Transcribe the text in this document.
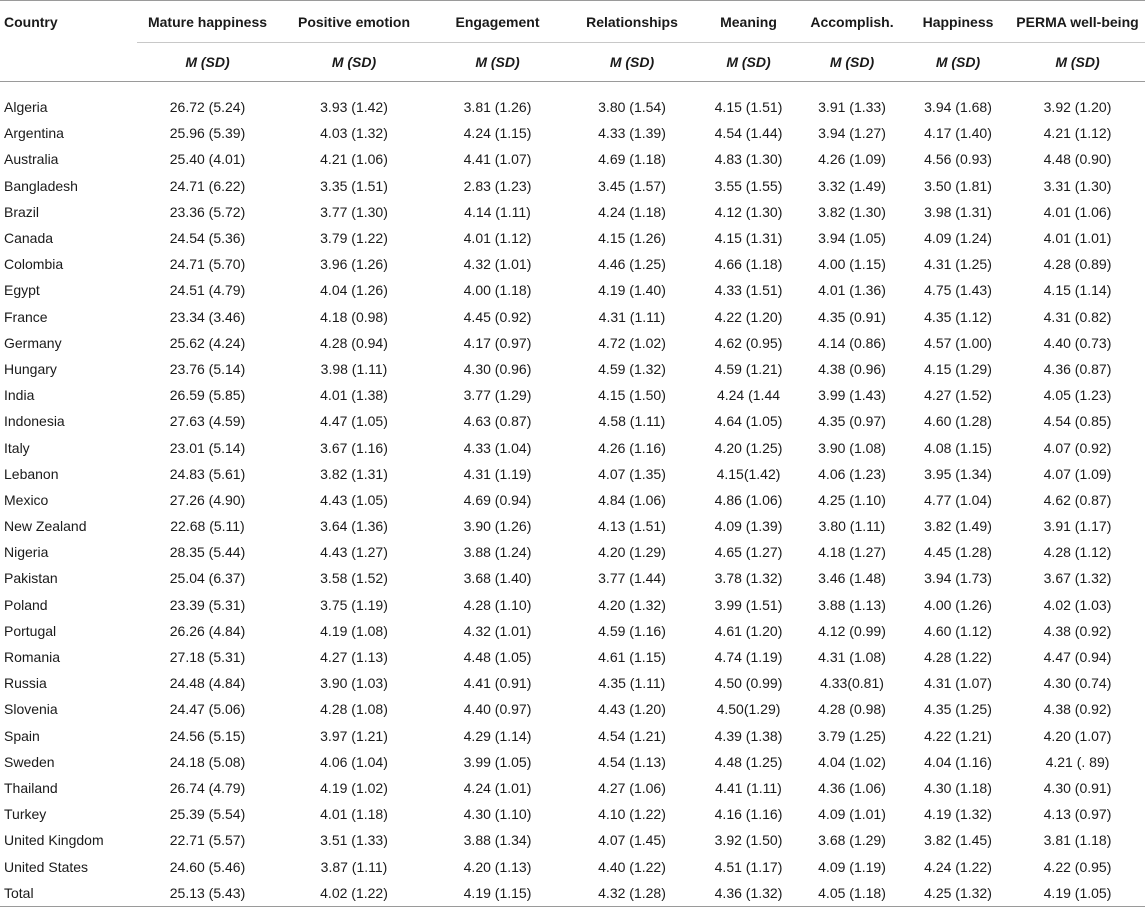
Country	Mature happiness	Positive emotion	Engagement	Relationships	Meaning	Accomplish.	Happiness	PERMA well-being
	M (SD)	M (SD)	M (SD)	M (SD)	M (SD)	M (SD)	M (SD)	M (SD)

Algeria	26.72 (5.24)	3.93 (1.42)	3.81 (1.26)	3.80 (1.54)	4.15 (1.51)	3.91 (1.33)	3.94 (1.68)	3.92 (1.20)
Argentina	25.96 (5.39)	4.03 (1.32)	4.24 (1.15)	4.33 (1.39)	4.54 (1.44)	3.94 (1.27)	4.17 (1.40)	4.21 (1.12)
Australia	25.40 (4.01)	4.21 (1.06)	4.41 (1.07)	4.69 (1.18)	4.83 (1.30)	4.26 (1.09)	4.56 (0.93)	4.48 (0.90)
Bangladesh	24.71 (6.22)	3.35 (1.51)	2.83 (1.23)	3.45 (1.57)	3.55 (1.55)	3.32 (1.49)	3.50 (1.81)	3.31 (1.30)
Brazil	23.36 (5.72)	3.77 (1.30)	4.14 (1.11)	4.24 (1.18)	4.12 (1.30)	3.82 (1.30)	3.98 (1.31)	4.01 (1.06)
Canada	24.54 (5.36)	3.79 (1.22)	4.01 (1.12)	4.15 (1.26)	4.15 (1.31)	3.94 (1.05)	4.09 (1.24)	4.01 (1.01)
Colombia	24.71 (5.70)	3.96 (1.26)	4.32 (1.01)	4.46 (1.25)	4.66 (1.18)	4.00 (1.15)	4.31 (1.25)	4.28 (0.89)
Egypt	24.51 (4.79)	4.04 (1.26)	4.00 (1.18)	4.19 (1.40)	4.33 (1.51)	4.01 (1.36)	4.75 (1.43)	4.15 (1.14)
France	23.34 (3.46)	4.18 (0.98)	4.45 (0.92)	4.31 (1.11)	4.22 (1.20)	4.35 (0.91)	4.35 (1.12)	4.31 (0.82)
Germany	25.62 (4.24)	4.28 (0.94)	4.17 (0.97)	4.72 (1.02)	4.62 (0.95)	4.14 (0.86)	4.57 (1.00)	4.40 (0.73)
Hungary	23.76 (5.14)	3.98 (1.11)	4.30 (0.96)	4.59 (1.32)	4.59 (1.21)	4.38 (0.96)	4.15 (1.29)	4.36 (0.87)
India	26.59 (5.85)	4.01 (1.38)	3.77 (1.29)	4.15 (1.50)	4.24 (1.44	3.99 (1.43)	4.27 (1.52)	4.05 (1.23)
Indonesia	27.63 (4.59)	4.47 (1.05)	4.63 (0.87)	4.58 (1.11)	4.64 (1.05)	4.35 (0.97)	4.60 (1.28)	4.54 (0.85)
Italy	23.01 (5.14)	3.67 (1.16)	4.33 (1.04)	4.26 (1.16)	4.20 (1.25)	3.90 (1.08)	4.08 (1.15)	4.07 (0.92)
Lebanon	24.83 (5.61)	3.82 (1.31)	4.31 (1.19)	4.07 (1.35)	4.15(1.42)	4.06 (1.23)	3.95 (1.34)	4.07 (1.09)
Mexico	27.26 (4.90)	4.43 (1.05)	4.69 (0.94)	4.84 (1.06)	4.86 (1.06)	4.25 (1.10)	4.77 (1.04)	4.62 (0.87)
New Zealand	22.68 (5.11)	3.64 (1.36)	3.90 (1.26)	4.13 (1.51)	4.09 (1.39)	3.80 (1.11)	3.82 (1.49)	3.91 (1.17)
Nigeria	28.35 (5.44)	4.43 (1.27)	3.88 (1.24)	4.20 (1.29)	4.65 (1.27)	4.18 (1.27)	4.45 (1.28)	4.28 (1.12)
Pakistan	25.04 (6.37)	3.58 (1.52)	3.68 (1.40)	3.77 (1.44)	3.78 (1.32)	3.46 (1.48)	3.94 (1.73)	3.67 (1.32)
Poland	23.39 (5.31)	3.75 (1.19)	4.28 (1.10)	4.20 (1.32)	3.99 (1.51)	3.88 (1.13)	4.00 (1.26)	4.02 (1.03)
Portugal	26.26 (4.84)	4.19 (1.08)	4.32 (1.01)	4.59 (1.16)	4.61 (1.20)	4.12 (0.99)	4.60 (1.12)	4.38 (0.92)
Romania	27.18 (5.31)	4.27 (1.13)	4.48 (1.05)	4.61 (1.15)	4.74 (1.19)	4.31 (1.08)	4.28 (1.22)	4.47 (0.94)
Russia	24.48 (4.84)	3.90 (1.03)	4.41 (0.91)	4.35 (1.11)	4.50 (0.99)	4.33(0.81)	4.31 (1.07)	4.30 (0.74)
Slovenia	24.47 (5.06)	4.28 (1.08)	4.40 (0.97)	4.43 (1.20)	4.50(1.29)	4.28 (0.98)	4.35 (1.25)	4.38 (0.92)
Spain	24.56 (5.15)	3.97 (1.21)	4.29 (1.14)	4.54 (1.21)	4.39 (1.38)	3.79 (1.25)	4.22 (1.21)	4.20 (1.07)
Sweden	24.18 (5.08)	4.06 (1.04)	3.99 (1.05)	4.54 (1.13)	4.48 (1.25)	4.04 (1.02)	4.04 (1.16)	4.21 (. 89)
Thailand	26.74 (4.79)	4.19 (1.02)	4.24 (1.01)	4.27 (1.06)	4.41 (1.11)	4.36 (1.06)	4.30 (1.18)	4.30 (0.91)
Turkey	25.39 (5.54)	4.01 (1.18)	4.30 (1.10)	4.10 (1.22)	4.16 (1.16)	4.09 (1.01)	4.19 (1.32)	4.13 (0.97)
United Kingdom	22.71 (5.57)	3.51 (1.33)	3.88 (1.34)	4.07 (1.45)	3.92 (1.50)	3.68 (1.29)	3.82 (1.45)	3.81 (1.18)
United States	24.60 (5.46)	3.87 (1.11)	4.20 (1.13)	4.40 (1.22)	4.51 (1.17)	4.09 (1.19)	4.24 (1.22)	4.22 (0.95)
Total	25.13 (5.43)	4.02 (1.22)	4.19 (1.15)	4.32 (1.28)	4.36 (1.32)	4.05 (1.18)	4.25 (1.32)	4.19 (1.05)
